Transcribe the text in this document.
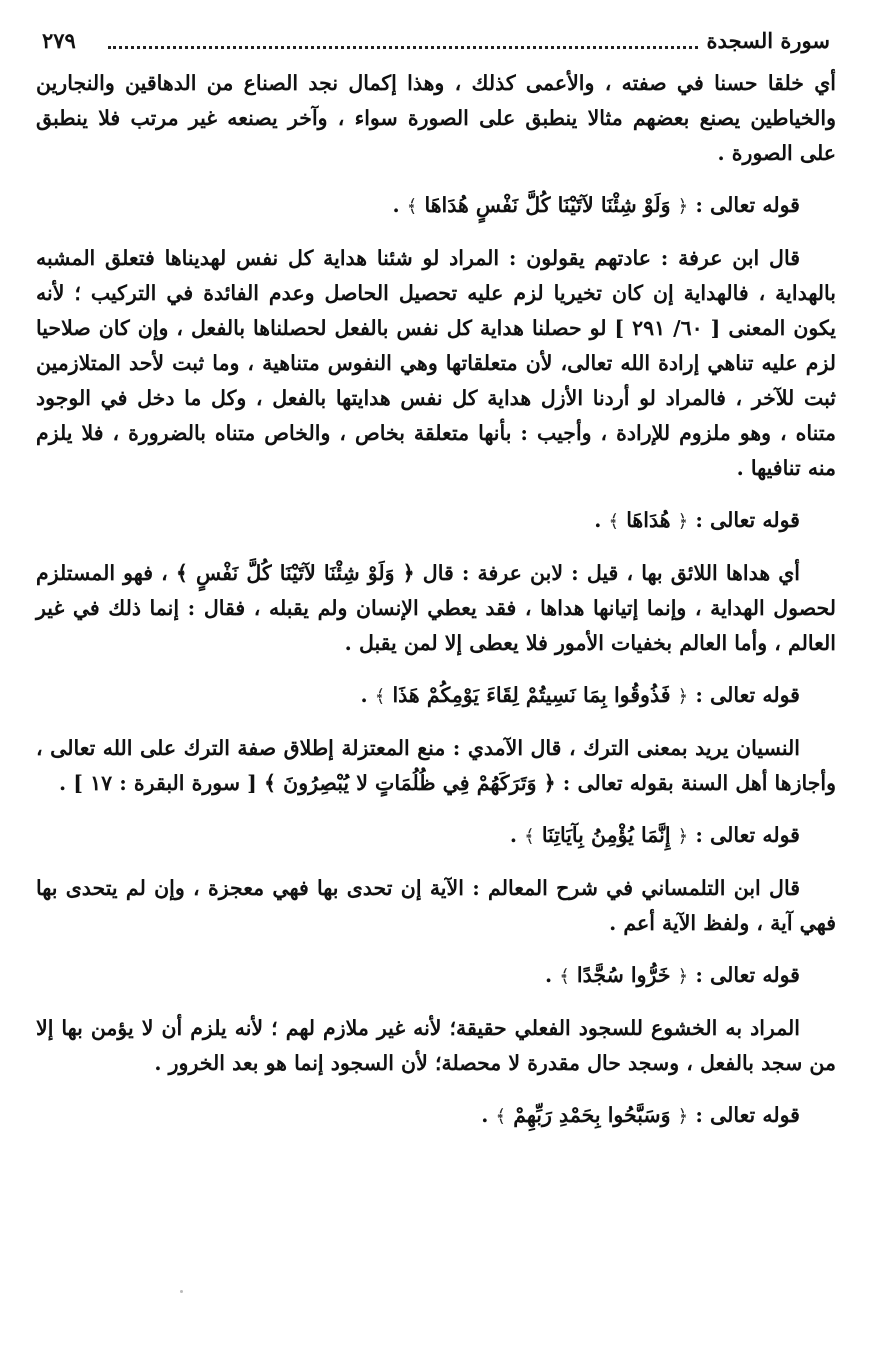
سورة السجدة
٢٧٩

أي خلقا حسنا في صفته ، والأعمى كذلك ، وهذا إكمال نجد الصناع من الدهاقين والنجارين والخياطين يصنع بعضهم مثالا ينطبق على الصورة سواء ، وآخر يصنعه غير مرتب فلا ينطبق على الصورة .

قوله تعالى : ﴿ وَلَوْ شِئْنَا لآتَيْنَا كُلَّ نَفْسٍ هُدَاهَا ﴾ .

قال ابن عرفة : عادتهم يقولون : المراد لو شئنا هداية كل نفس لهديناها فتعلق المشبه بالهداية ، فالهداية إن كان تخيريا لزم عليه تحصيل الحاصل وعدم الفائدة في التركيب ؛ لأنه يكون المعنى [ ٦٠/ ٢٩١ ] لو حصلنا هداية كل نفس بالفعل لحصلناها بالفعل ، وإن كان صلاحيا لزم عليه تناهي إرادة الله تعالى، لأن متعلقاتها وهي النفوس متناهية ، وما ثبت لأحد المتلازمين ثبت للآخر ، فالمراد لو أردنا الأزل هداية كل نفس هدايتها بالفعل ، وكل ما دخل في الوجود متناه ، وهو ملزوم للإرادة ، وأجيب : بأنها متعلقة بخاص ، والخاص متناه بالضرورة ، فلا يلزم منه تنافيها .

قوله تعالى : ﴿ هُدَاهَا ﴾ .

أي هداها اللائق بها ، قيل : لابن عرفة : قال ﴿ وَلَوْ شِئْنَا لآتَيْنَا كُلَّ نَفْسٍ ﴾ ، فهو المستلزم لحصول الهداية ، وإنما إتيانها هداها ، فقد يعطي الإنسان ولم يقبله ، فقال : إنما ذلك في غير العالم ، وأما العالم بخفيات الأمور فلا يعطى إلا لمن يقبل .

قوله تعالى : ﴿ فَذُوقُوا بِمَا نَسِيتُمْ لِقَاءَ يَوْمِكُمْ هَذَا ﴾ .

النسيان يريد بمعنى الترك ، قال الآمدي : منع المعتزلة إطلاق صفة الترك على الله تعالى ، وأجازها أهل السنة بقوله تعالى : ﴿ وَتَرَكَهُمْ فِي ظُلُمَاتٍ لا يُبْصِرُونَ ﴾ [ سورة البقرة : ١٧ ] .

قوله تعالى : ﴿ إِنَّمَا يُؤْمِنُ بِآيَاتِنَا ﴾ .

قال ابن التلمساني في شرح المعالم : الآية إن تحدى بها فهي معجزة ، وإن لم يتحدى بها فهي آية ، ولفظ الآية أعم .

قوله تعالى : ﴿ خَرُّوا سُجَّدًا ﴾ .

المراد به الخشوع للسجود الفعلي حقيقة؛ لأنه غير ملازم لهم ؛ لأنه يلزم أن لا يؤمن بها إلا من سجد بالفعل ، وسجد حال مقدرة لا محصلة؛ لأن السجود إنما هو بعد الخرور .

قوله تعالى : ﴿ وَسَبَّحُوا بِحَمْدِ رَبِّهِمْ ﴾ .
